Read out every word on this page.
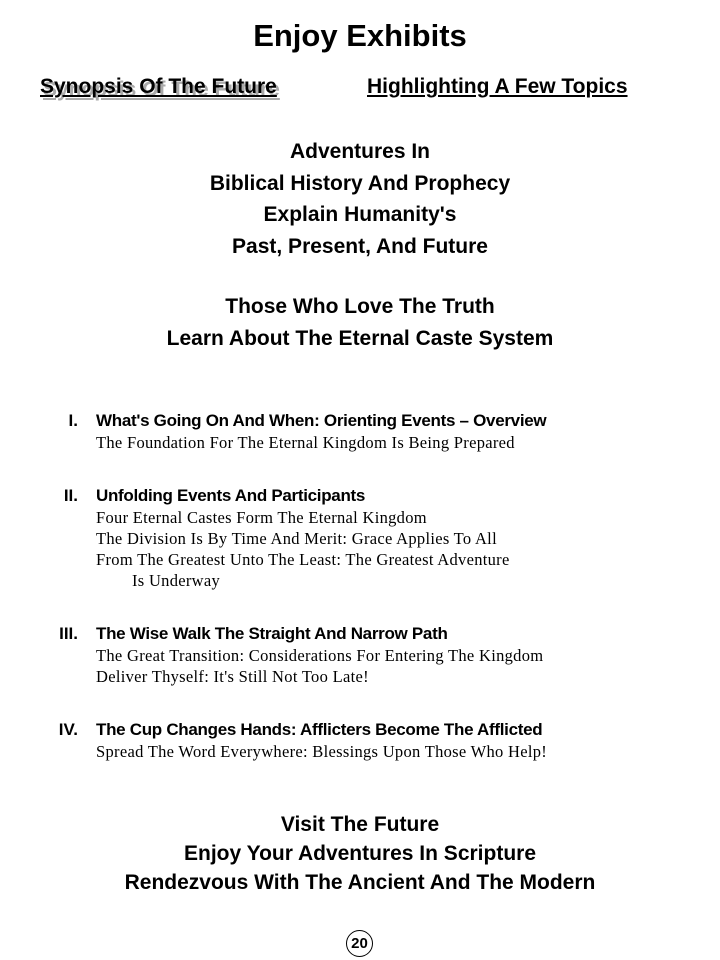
Enjoy Exhibits
Synopsis Of The Future	Highlighting A Few Topics
Adventures In
Biblical History And Prophecy
Explain Humanity's
Past, Present, And Future
Those Who Love The Truth
Learn About The Eternal Caste System
I. What's Going On And When: Orienting Events – Overview
The Foundation For The Eternal Kingdom Is Being Prepared
II. Unfolding Events And Participants
Four Eternal Castes Form The Eternal Kingdom
The Division Is By Time And Merit: Grace Applies To All
From The Greatest Unto The Least: The Greatest Adventure
Is Underway
III. The Wise Walk The Straight And Narrow Path
The Great Transition: Considerations For Entering The Kingdom
Deliver Thyself: It's Still Not Too Late!
IV. The Cup Changes Hands: Afflicters Become The Afflicted
Spread The Word Everywhere: Blessings Upon Those Who Help!
Visit The Future
Enjoy Your Adventures In Scripture
Rendezvous With The Ancient And The Modern
20
